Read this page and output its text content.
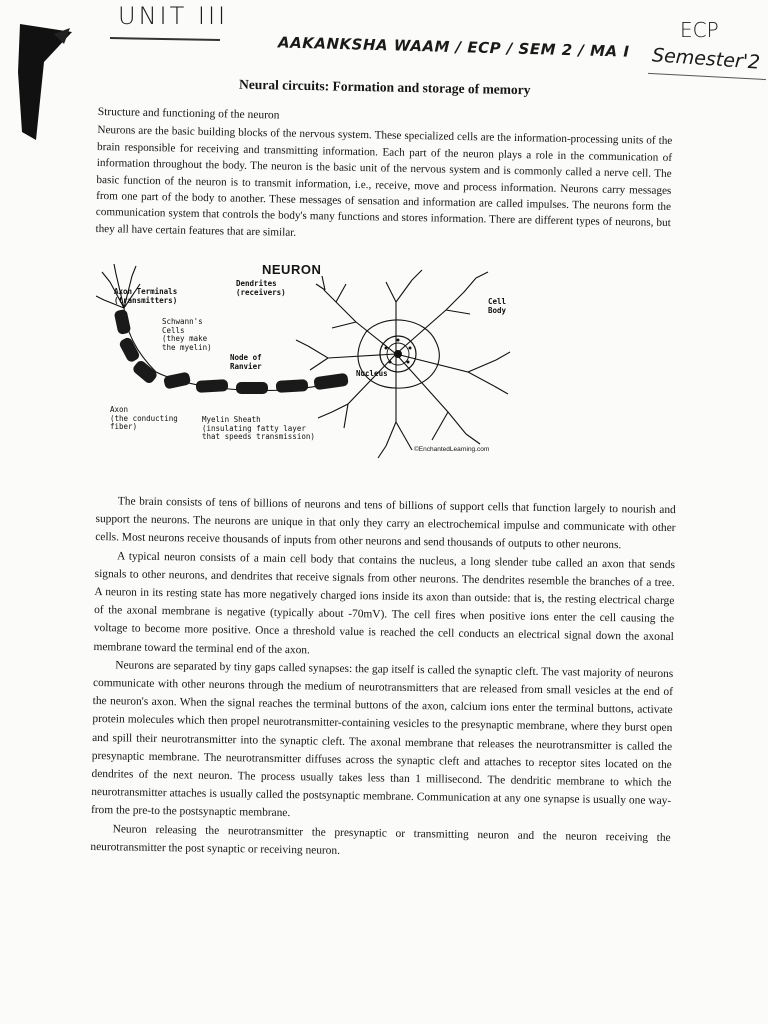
UNIT III
AAKANKSHA WAAM / ECP / SEM 2 / MA I
ECP
Semester'2
Neural circuits: Formation and storage of memory

Structure and functioning of the neuron

Neurons are the basic building blocks of the nervous system. These specialized cells are the information-processing units of the brain responsible for receiving and transmitting information. Each part of the neuron plays a role in the communication of information throughout the body. The neuron is the basic unit of the nervous system and is commonly called a nerve cell. The basic function of the neuron is to transmit information, i.e., receive, move and process information. Neurons carry messages from one part of the body to another. These messages of sensation and information are called impulses. The neurons form the communication system that controls the body's many functions and stores information. There are different types of neurons, but they all have certain features that are similar.

NEURON
Axon Terminals
(transmitters)
Dendrites
(receivers)
Cell
Body
Schwann's
Cells
(they make
the myelin)
Node of
Ranvier
Nucleus
Axon
(the conducting
fiber)
Myelin Sheath
(insulating fatty layer
that speeds transmission)
©EnchantedLearning.com

The brain consists of tens of billions of neurons and tens of billions of support cells that function largely to nourish and support the neurons. The neurons are unique in that only they carry an electrochemical impulse and communicate with other cells. Most neurons receive thousands of inputs from other neurons and send thousands of outputs to other neurons.

A typical neuron consists of a main cell body that contains the nucleus, a long slender tube called an axon that sends signals to other neurons, and dendrites that receive signals from other neurons. The dendrites resemble the branches of a tree. A neuron in its resting state has more negatively charged ions inside its axon than outside: that is, the resting electrical charge of the axonal membrane is negative (typically about -70mV). The cell fires when positive ions enter the cell causing the voltage to become more positive. Once a threshold value is reached the cell conducts an electrical signal down the axonal membrane toward the terminal end of the axon.

Neurons are separated by tiny gaps called synapses: the gap itself is called the synaptic cleft. The vast majority of neurons communicate with other neurons through the medium of neurotransmitters that are released from small vesicles at the end of the neuron's axon. When the signal reaches the terminal buttons of the axon, calcium ions enter the terminal buttons, activate protein molecules which then propel neurotransmitter-containing vesicles to the presynaptic membrane, where they burst open and spill their neurotransmitter into the synaptic cleft. The axonal membrane that releases the neurotransmitter is called the presynaptic membrane. The neurotransmitter diffuses across the synaptic cleft and attaches to receptor sites located on the dendrites of the next neuron. The process usually takes less than 1 millisecond. The dendritic membrane to which the neurotransmitter attaches is usually called the postsynaptic membrane. Communication at any one synapse is usually one way-from the pre-to the postsynaptic membrane.

Neuron releasing the neurotransmitter the presynaptic or transmitting neuron and the neuron receiving the neurotransmitter the post synaptic or receiving neuron.
